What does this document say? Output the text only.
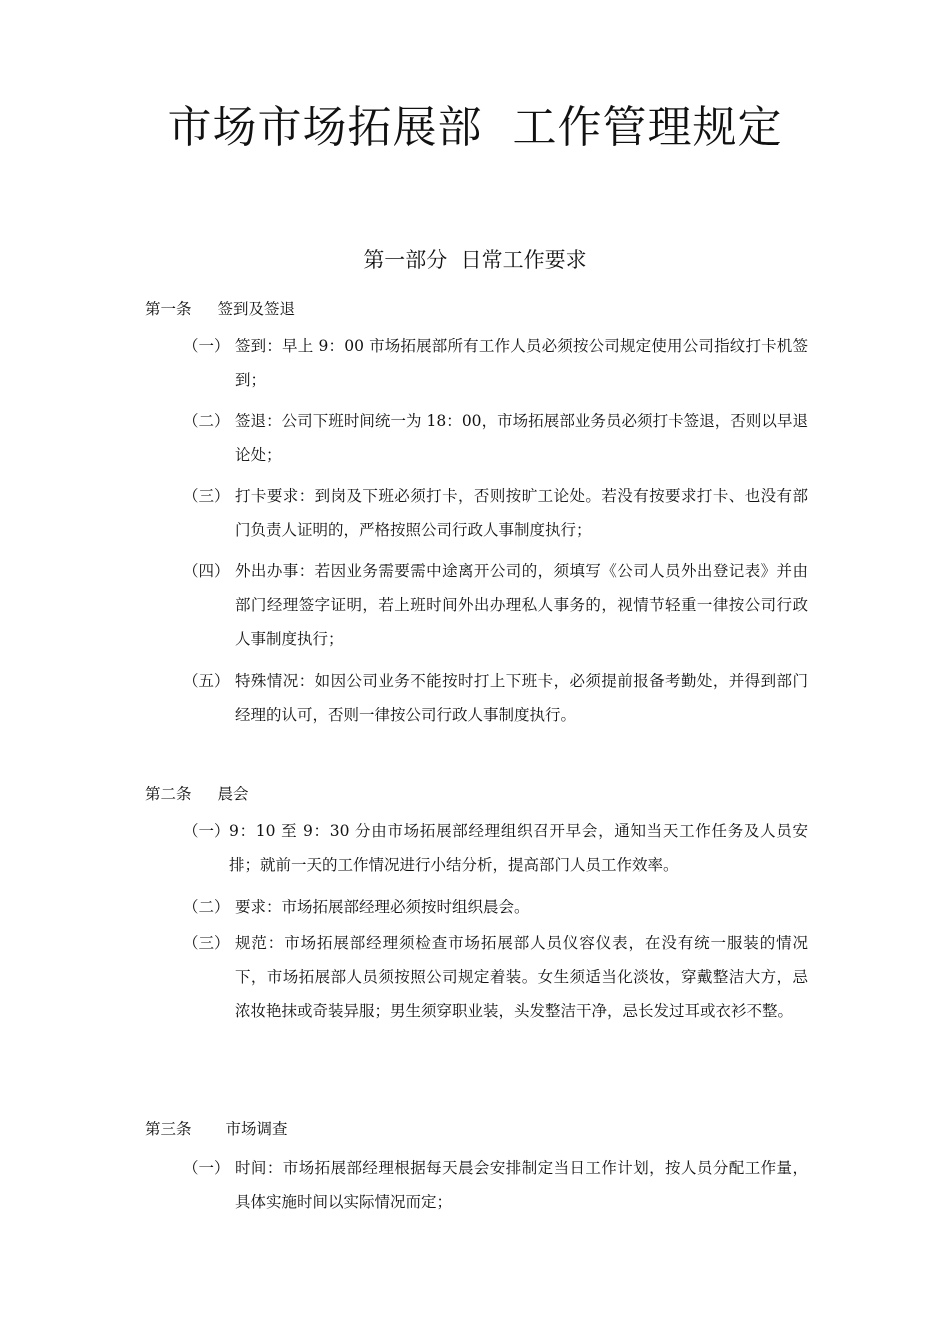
市场市场拓展部  工作管理规定
第一部分  日常工作要求
第一条 签到及签退
（一） 签到：早上 9：00 市场拓展部所有工作人员必须按公司规定使用公司指纹打卡机签到；
（二） 签退：公司下班时间统一为 18：00，市场拓展部业务员必须打卡签退，否则以早退论处；
（三） 打卡要求：到岗及下班必须打卡，否则按旷工论处。若没有按要求打卡、也没有部门负责人证明的，严格按照公司行政人事制度执行；
（四） 外出办事：若因业务需要需中途离开公司的，须填写《公司人员外出登记表》并由部门经理签字证明，若上班时间外出办理私人事务的，视情节轻重一律按公司行政人事制度执行；
（五） 特殊情况：如因公司业务不能按时打上下班卡，必须提前报备考勤处，并得到部门经理的认可，否则一律按公司行政人事制度执行。
第二条 晨会
（一） 9：10 至 9：30 分由市场拓展部经理组织召开早会，通知当天工作任务及人员安排；就前一天的工作情况进行小结分析，提高部门人员工作效率。
（二） 要求：市场拓展部经理必须按时组织晨会。
（三） 规范：市场拓展部经理须检查市场拓展部人员仪容仪表，在没有统一服装的情况下，市场拓展部人员须按照公司规定着装。女生须适当化淡妆，穿戴整洁大方，忌浓妆艳抹或奇装异服；男生须穿职业装，头发整洁干净，忌长发过耳或衣衫不整。
第三条 市场调查
（一） 时间：市场拓展部经理根据每天晨会安排制定当日工作计划，按人员分配工作量，具体实施时间以实际情况而定；
